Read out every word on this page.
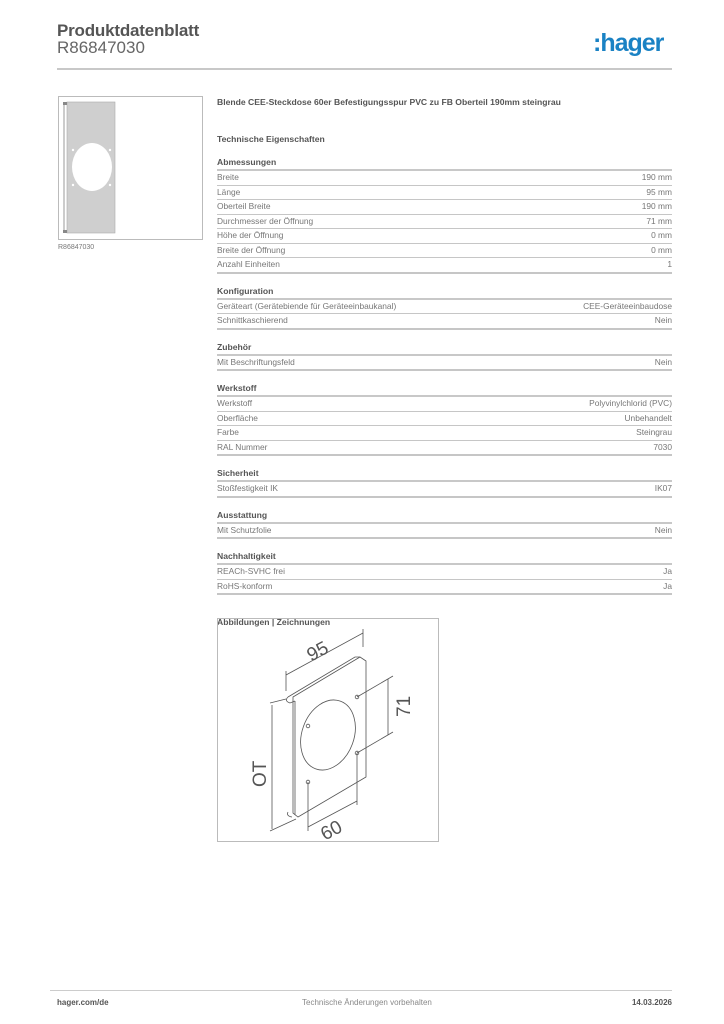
Produktdatenblatt
R86847030	:hager
R86847030
Blende CEE-Steckdose 60er Befestigungsspur PVC zu FB Oberteil 190mm steingrau
Technische Eigenschaften
Abmessungen
Breite	190 mm
Länge	95 mm
Oberteil Breite	190 mm
Durchmesser der Öffnung	71 mm
Höhe der Öffnung	0 mm
Breite der Öffnung	0 mm
Anzahl Einheiten	1
Konfiguration
Geräteart (Gerätebiende für Geräteeinbaukanal)	CEE-Geräteeinbaudose
Schnittkaschierend	Nein
Zubehör
Mit Beschriftungsfeld	Nein
Werkstoff
Werkstoff	Polyvinylchlorid (PVC)
Oberfläche	Unbehandelt
Farbe	Steingrau
RAL Nummer	7030
Sicherheit
Stoßfestigkeit IK	IK07
Ausstattung
Mit Schutzfolie	Nein
Nachhaltigkeit
REACh-SVHC frei	Ja
RoHS-konform	Ja
Abbildungen | Zeichnungen
95
71
OT
60
hager.com/de	Technische Änderungen vorbehalten	14.03.2026
